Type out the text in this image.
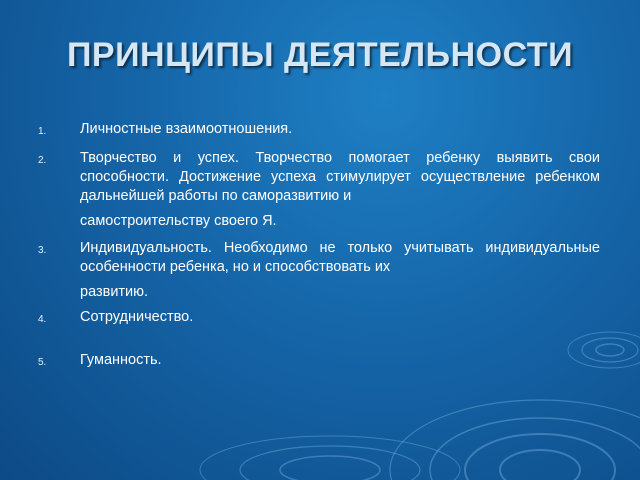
ПРИНЦИПЫ ДЕЯТЕЛЬНОСТИ
1.	Личностные взаимоотношения.
2.	Творчество и успех. Творчество помогает ребенку выявить свои способности. Достижение успеха стимулирует осуществление ребенком дальнейшей работы по саморазвитию и
самостроительству своего Я.
3.	Индивидуальность. Необходимо не только учитывать индивидуальные особенности ребенка, но и способствовать их
развитию.
4.	Сотрудничество.
5.	Гуманность.
